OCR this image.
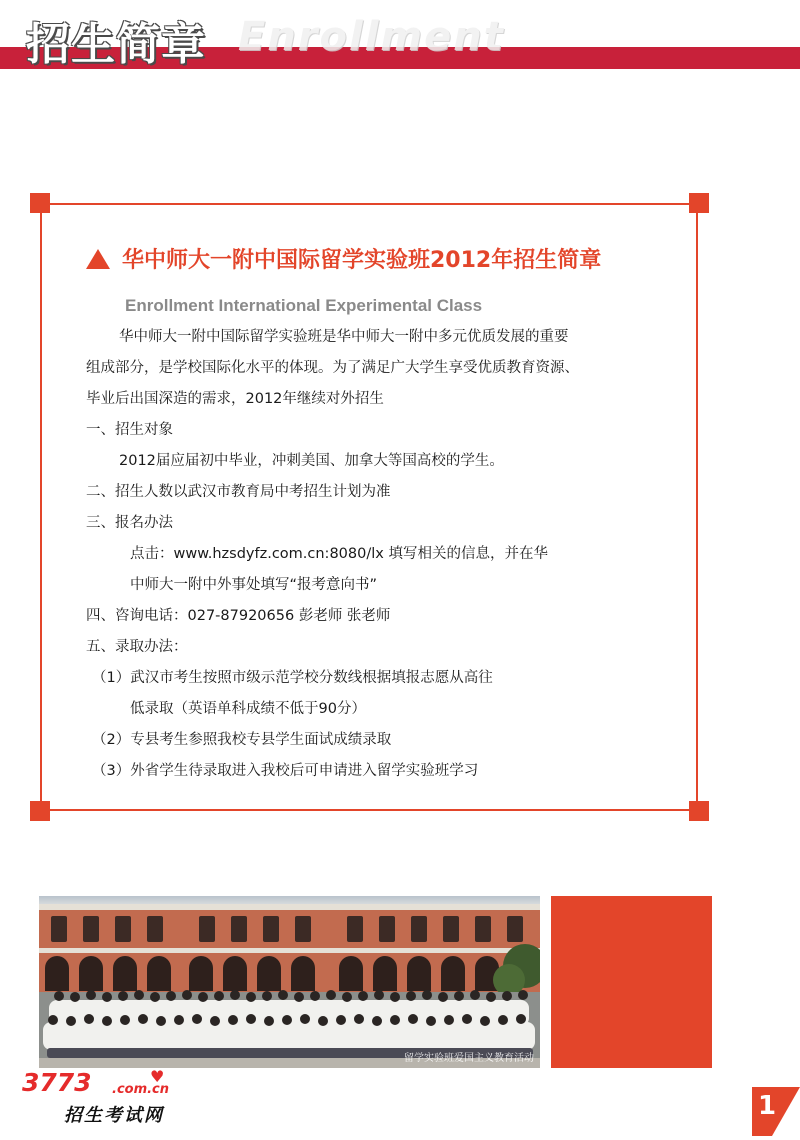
Enrollment
招生简章
华中师大一附中国际留学实验班2012年招生简章
Enrollment International Experimental Class
华中师大一附中国际留学实验班是华中师大一附中多元优质发展的重要
组成部分，是学校国际化水平的体现。为了满足广大学生享受优质教育资源、
毕业后出国深造的需求，2012年继续对外招生
一、招生对象
2012届应届初中毕业，冲刺美国、加拿大等国高校的学生。
二、招生人数以武汉市教育局中考招生计划为准
三、报名办法
点击：www.hzsdyfz.com.cn:8080/lx 填写相关的信息，并在华
中师大一附中外事处填写“报考意向书”
四、咨询电话：027-87920656 彭老师 张老师
五、录取办法：
（1）武汉市考生按照市级示范学校分数线根据填报志愿从高往
低录取（英语单科成绩不低于90分）
（2）专县考生参照我校专县学生面试成绩录取
（3）外省学生待录取进入我校后可申请进入留学实验班学习
留学实验班爱国主义教育活动
3773	♥
.com.cn
招生考试网	1
